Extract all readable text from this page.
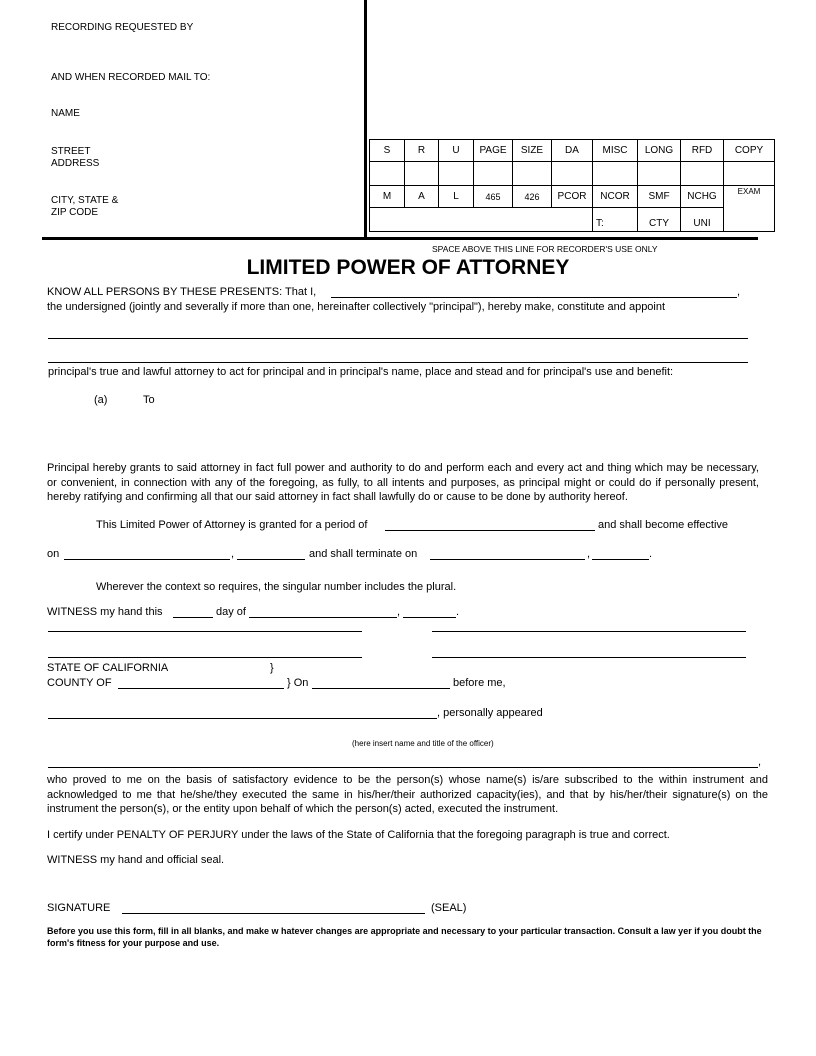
RECORDING REQUESTED BY
AND WHEN RECORDED MAIL TO:
NAME
STREET
ADDRESS
CITY, STATE &
ZIP CODE
S	R	U	PAGE	SIZE	DA	MISC	LONG	RFD	COPY

M	A	L	465	426	PCOR	NCOR	SMF	NCHG	EXAM
						T:	CTY	UNI	
SPACE ABOVE THIS LINE FOR RECORDER'S USE ONLY
LIMITED POWER OF ATTORNEY
KNOW ALL PERSONS BY THESE PRESENTS: That I,	,
the undersigned (jointly and severally if more than one, hereinafter collectively "principal"), hereby make, constitute and appoint
principal's true and lawful attorney to act for principal and in principal's name, place and stead and for principal's use and benefit:
(a)	To
Principal hereby grants to said attorney in fact full power and authority to do and perform each and every act and thing which may be necessary, or convenient, in connection with any of the foregoing, as fully, to all intents and purposes, as principal might or could do if personally present, hereby ratifying and confirming all that our said attorney in fact shall lawfully do or cause to be done by authority hereof.
This Limited Power of Attorney is granted for a period of	and shall become effective
on	,	and shall terminate on	,	.
Wherever the context so requires, the singular number includes the plural.
WITNESS my hand this	day of	,	.
STATE OF CALIFORNIA	}
COUNTY OF	} On	before me,
, personally appeared
(here insert name and title of the officer)
,
who proved to me on the basis of satisfactory evidence to be the person(s) whose name(s) is/are subscribed to the within instrument and acknowledged to me that he/she/they executed the same in his/her/their authorized capacity(ies), and that by his/her/their signature(s) on the instrument the person(s), or the entity upon behalf of which the person(s) acted, executed the instrument.
I certify under PENALTY OF PERJURY under the laws of the State of California that the foregoing paragraph is true and correct.
WITNESS my hand and official seal.
SIGNATURE	(SEAL)
Before you use this form, fill in all blanks, and make w hatever changes are appropriate and necessary to your particular transaction. Consult a law yer if you doubt the form's fitness for your purpose and use.
